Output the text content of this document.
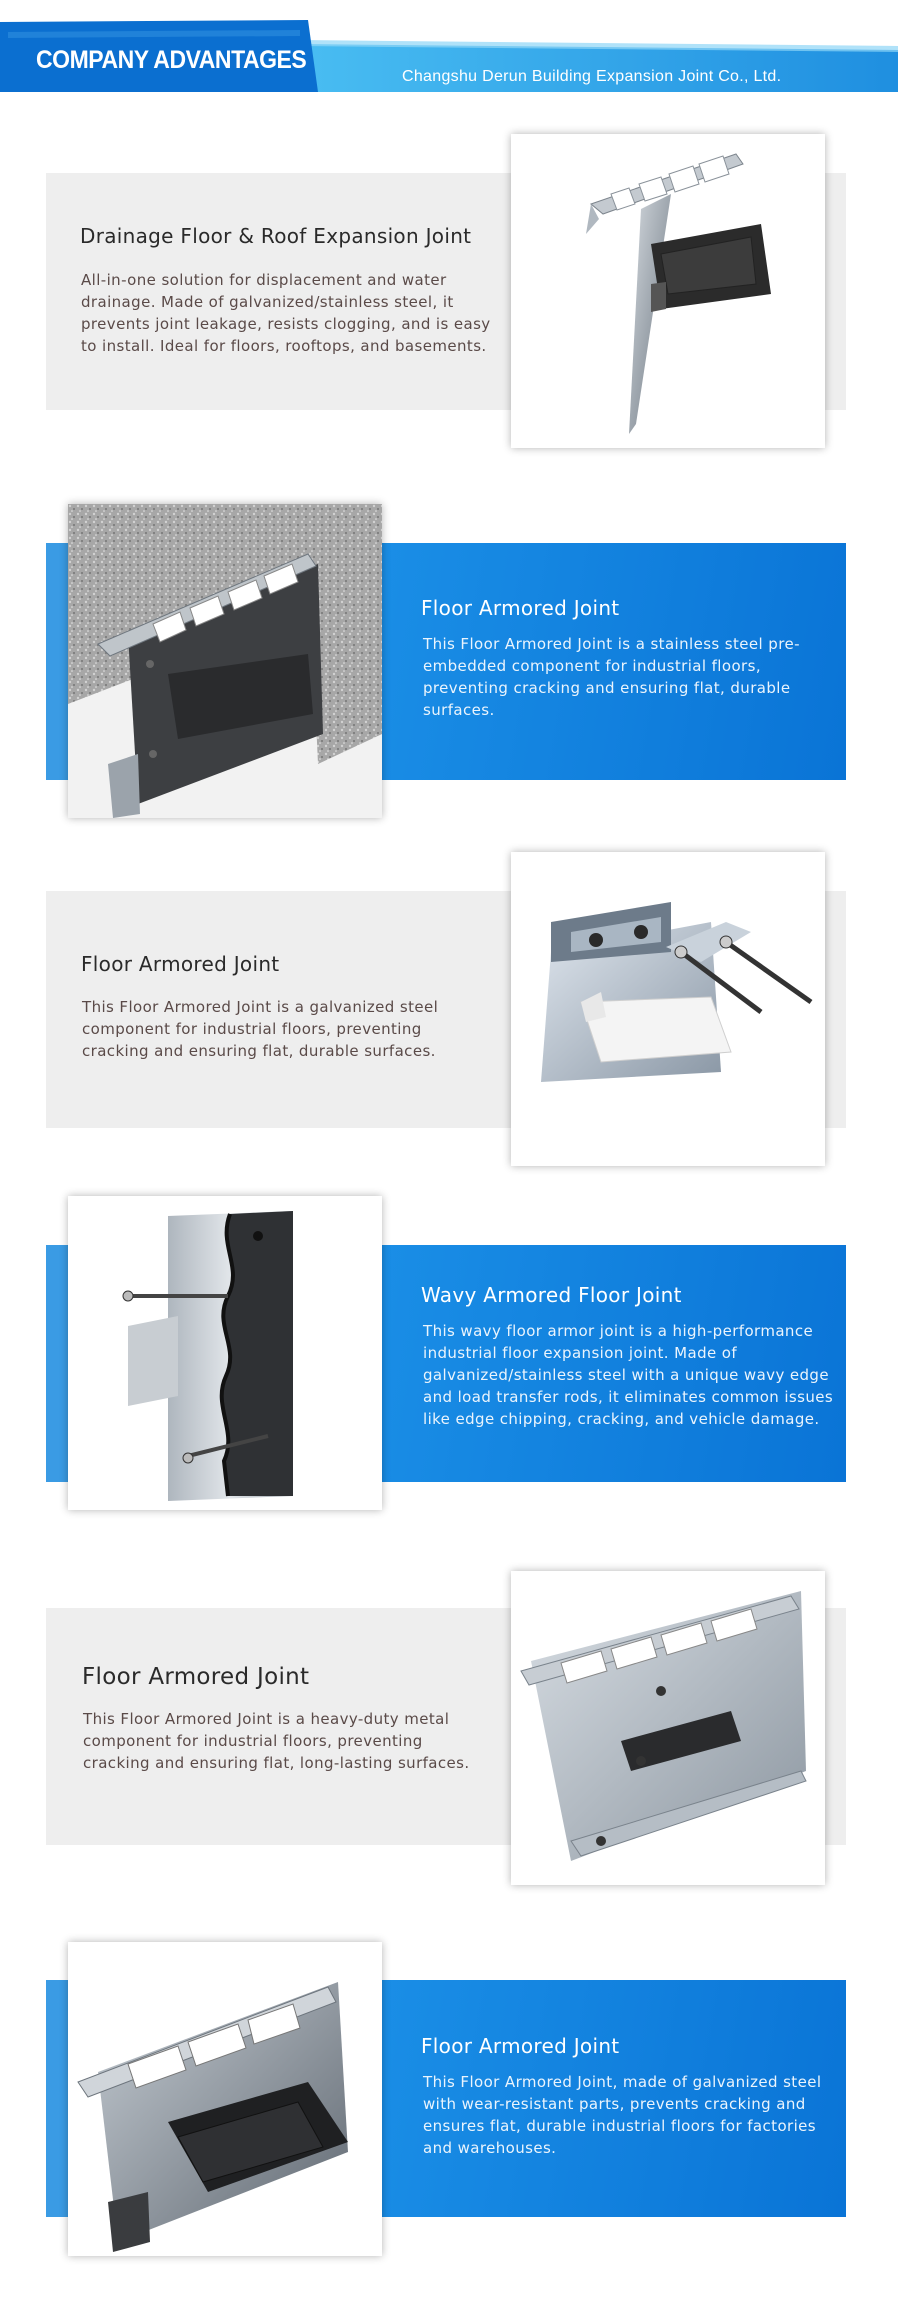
COMPANY ADVANTAGES
Changshu Derun Building Expansion Joint Co., Ltd.
Drainage Floor & Roof Expansion Joint
All-in-one solution for displacement and water drainage. Made of galvanized/stainless steel, it prevents joint leakage, resists clogging, and is easy to install. Ideal for floors, rooftops, and basements.
Floor Armored Joint
This Floor Armored Joint is a stainless steel pre-embedded component for industrial floors, preventing cracking and ensuring flat, durable surfaces.
Floor Armored Joint
This Floor Armored Joint is a galvanized steel component for industrial floors, preventing cracking and ensuring flat, durable surfaces.
Wavy Armored Floor Joint
This wavy floor armor joint is a high-performance industrial floor expansion joint. Made of galvanized/stainless steel with a unique wavy edge and load transfer rods, it eliminates common issues like edge chipping, cracking, and vehicle damage.
Floor Armored Joint
This Floor Armored Joint is a heavy-duty metal component for industrial floors, preventing cracking and ensuring flat, long-lasting surfaces.
Floor Armored Joint
This Floor Armored Joint, made of galvanized steel with wear-resistant parts, prevents cracking and ensures flat, durable industrial floors for factories and warehouses.
